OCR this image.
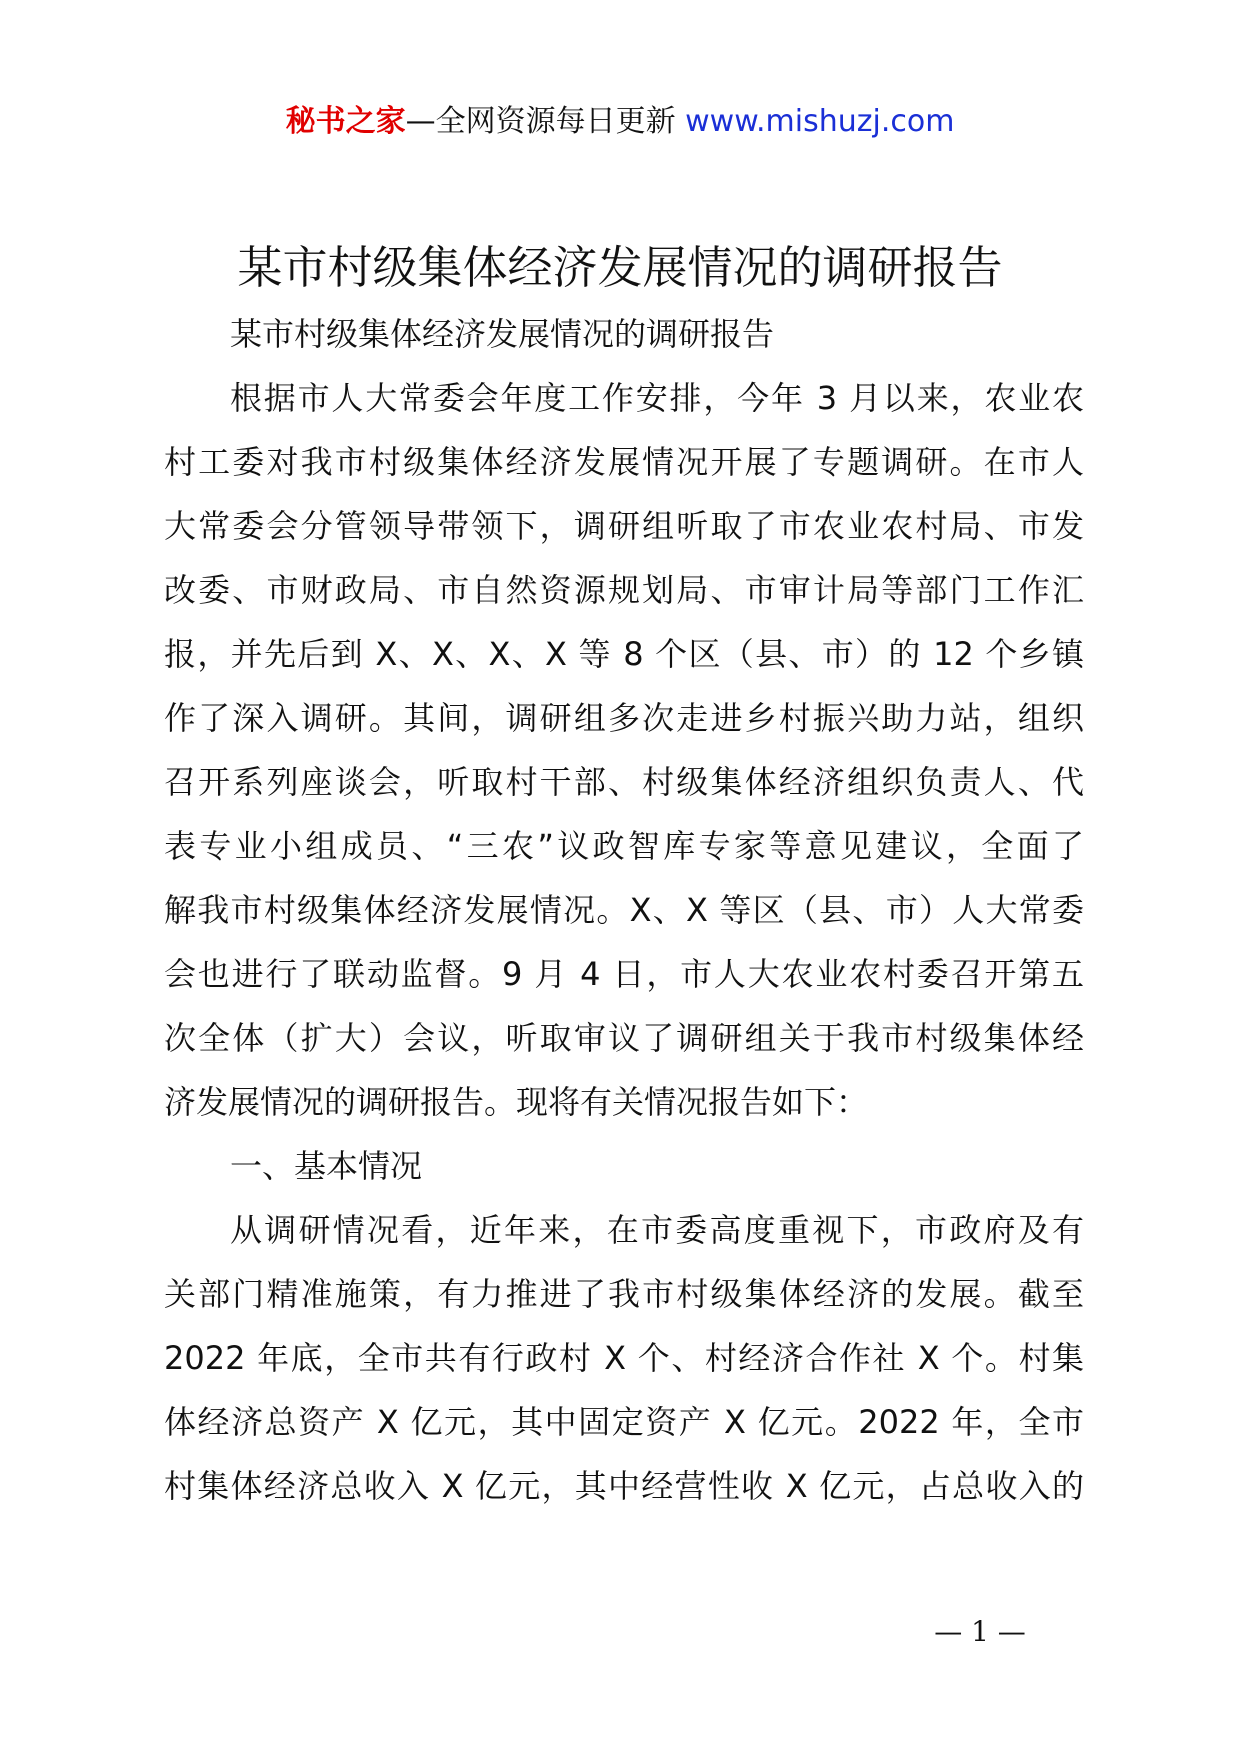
秘书之家—全网资源每日更新 www.mishuzj.com
某市村级集体经济发展情况的调研报告
某市村级集体经济发展情况的调研报告
根据市人大常委会年度工作安排，今年 3 月以来，农业农
村工委对我市村级集体经济发展情况开展了专题调研。在市人
大常委会分管领导带领下，调研组听取了市农业农村局、市发
改委、市财政局、市自然资源规划局、市审计局等部门工作汇
报，并先后到 X、X、X、X 等 8 个区（县、市）的 12 个乡镇
作了深入调研。其间，调研组多次走进乡村振兴助力站，组织
召开系列座谈会，听取村干部、村级集体经济组织负责人、代
表专业小组成员、“三农”议政智库专家等意见建议，全面了
解我市村级集体经济发展情况。X、X 等区（县、市）人大常委
会也进行了联动监督。9 月 4 日，市人大农业农村委召开第五
次全体（扩大）会议，听取审议了调研组关于我市村级集体经
济发展情况的调研报告。现将有关情况报告如下：
一、基本情况
从调研情况看，近年来，在市委高度重视下，市政府及有
关部门精准施策，有力推进了我市村级集体经济的发展。截至
2022 年底，全市共有行政村 X 个、村经济合作社 X 个。村集
体经济总资产 X 亿元，其中固定资产 X 亿元。2022 年，全市
村集体经济总收入 X 亿元，其中经营性收 X 亿元，占总收入的
— 1 —
